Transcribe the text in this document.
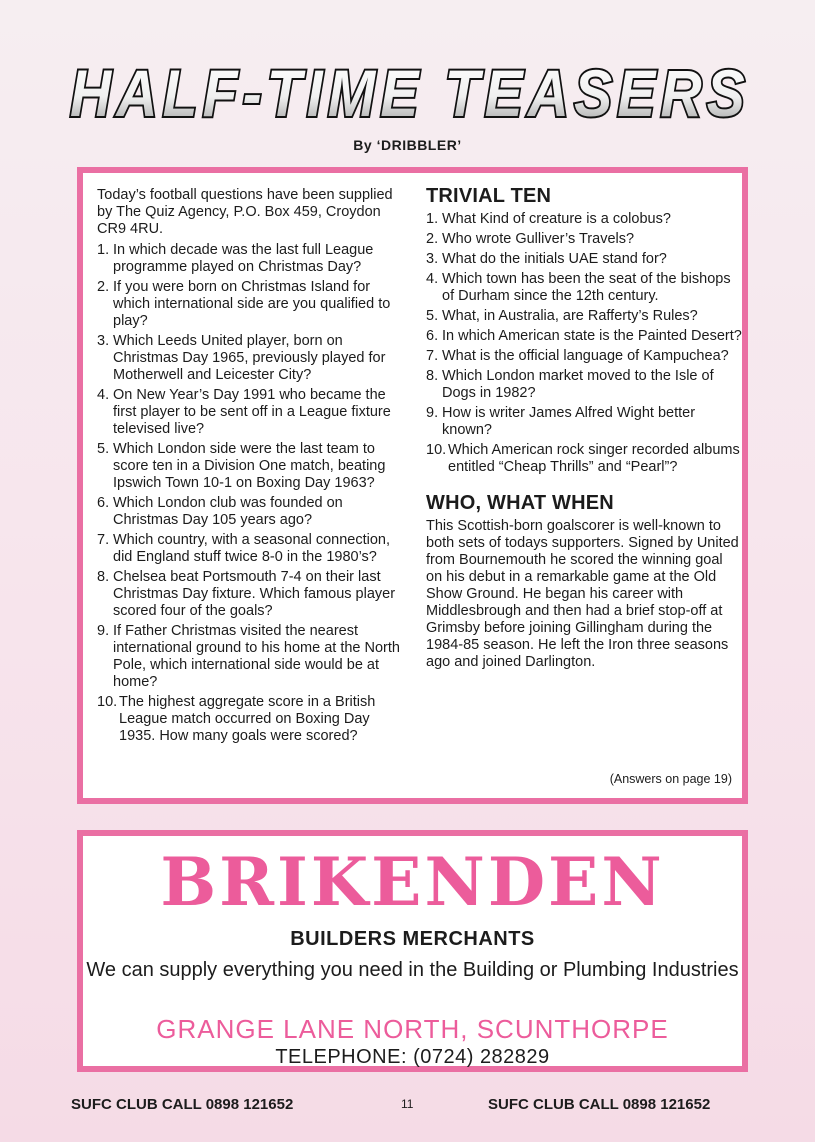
HALF-TIME TEASERS
By ‘DRIBBLER’

Today’s football questions have been supplied by The Quiz Agency, P.O. Box 459, Croydon CR9 4RU.

1. In which decade was the last full League programme played on Christmas Day?
2. If you were born on Christmas Island for which international side are you qualified to play?
3. Which Leeds United player, born on Christmas Day 1965, previously played for Motherwell and Leicester City?
4. On New Year’s Day 1991 who became the first player to be sent off in a League fixture televised live?
5. Which London side were the last team to score ten in a Division One match, beating Ipswich Town 10-1 on Boxing Day 1963?
6. Which London club was founded on Christmas Day 105 years ago?
7. Which country, with a seasonal connection, did England stuff twice 8-0 in the 1980’s?
8. Chelsea beat Portsmouth 7-4 on their last Christmas Day fixture. Which famous player scored four of the goals?
9. If Father Christmas visited the nearest international ground to his home at the North Pole, which international side would be at home?
10. The highest aggregate score in a British League match occurred on Boxing Day 1935. How many goals were scored?
TRIVIAL TEN
1. What Kind of creature is a colobus?
2. Who wrote Gulliver’s Travels?
3. What do the initials UAE stand for?
4. Which town has been the seat of the bishops of Durham since the 12th century.
5. What, in Australia, are Rafferty’s Rules?
6. In which American state is the Painted Desert?
7. What is the official language of Kampuchea?
8. Which London market moved to the Isle of Dogs in 1982?
9. How is writer James Alfred Wight better known?
10. Which American rock singer recorded albums entitled “Cheap Thrills” and “Pearl”?
WHO, WHAT WHEN

This Scottish-born goalscorer is well-known to both sets of todays supporters. Signed by United from Bournemouth he scored the winning goal on his debut in a remarkable game at the Old Show Ground. He began his career with Middlesbrough and then had a brief stop-off at Grimsby before joining Gillingham during the 1984-85 season. He left the Iron three seasons ago and joined Darlington.

(Answers on page 19)
BRIKENDEN
BUILDERS MERCHANTS
We can supply everything you need in the Building or Plumbing Industries
GRANGE LANE NORTH, SCUNTHORPE
TELEPHONE: (0724) 282829
SUFC CLUB CALL 0898 121652	11	SUFC CLUB CALL 0898 121652
